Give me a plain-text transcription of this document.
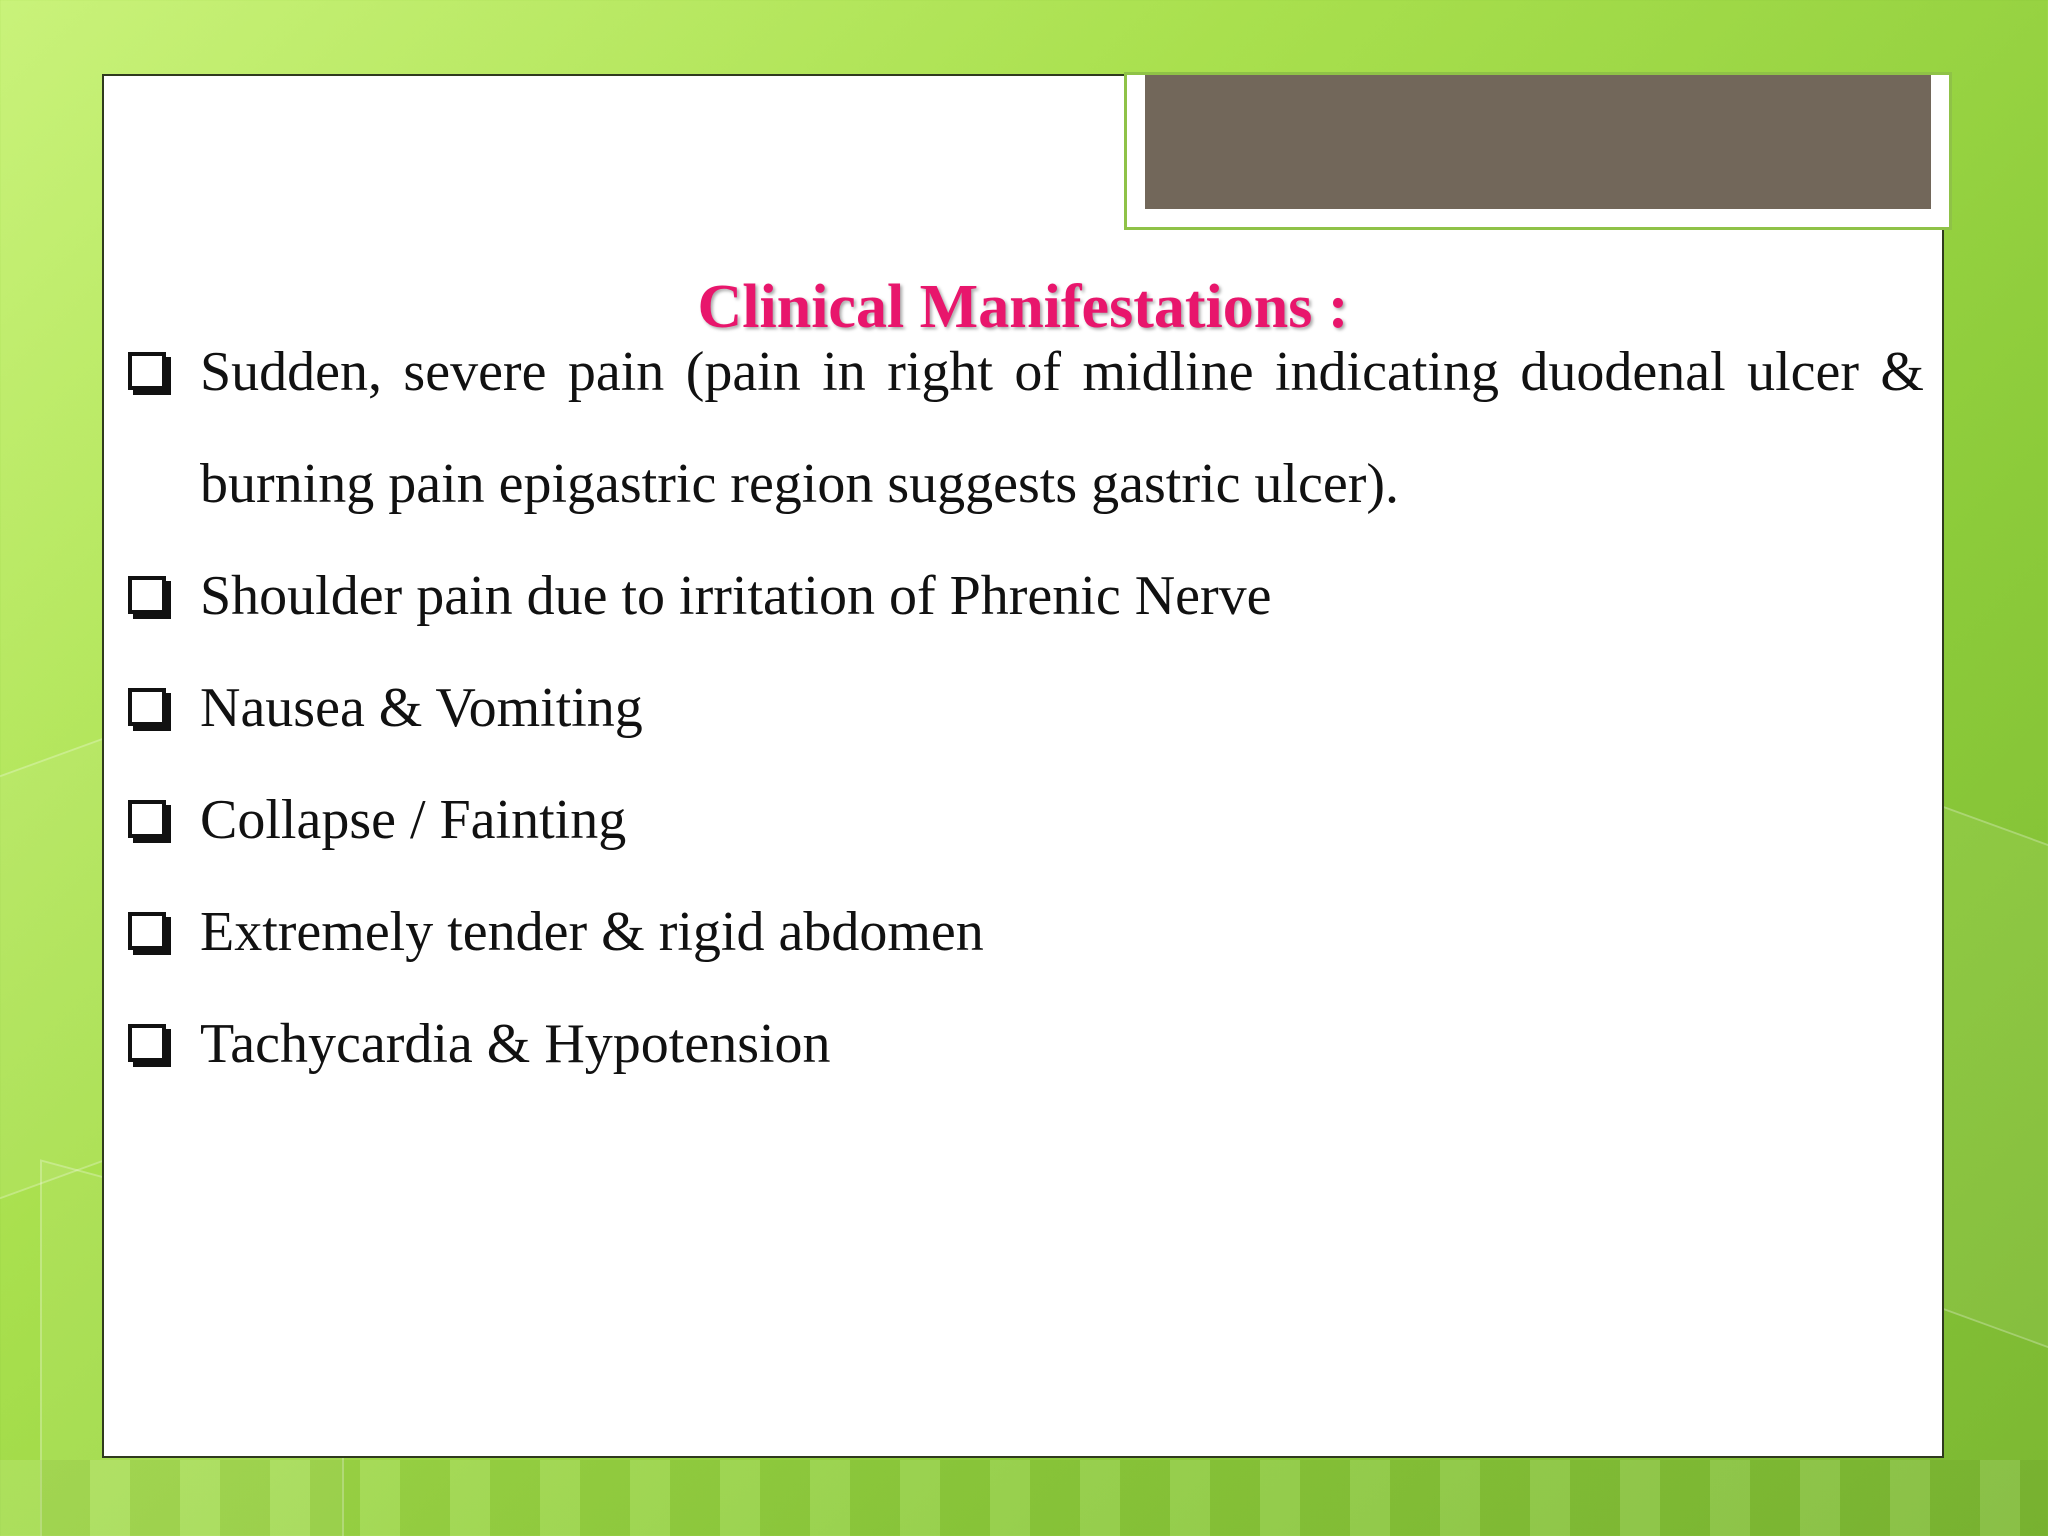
Clinical Manifestations :
Sudden, severe pain (pain in right of midline indicating duodenal ulcer & burning pain epigastric region suggests gastric ulcer).
Shoulder pain due to irritation of Phrenic Nerve
Nausea & Vomiting
Collapse / Fainting
Extremely tender & rigid abdomen
Tachycardia & Hypotension
